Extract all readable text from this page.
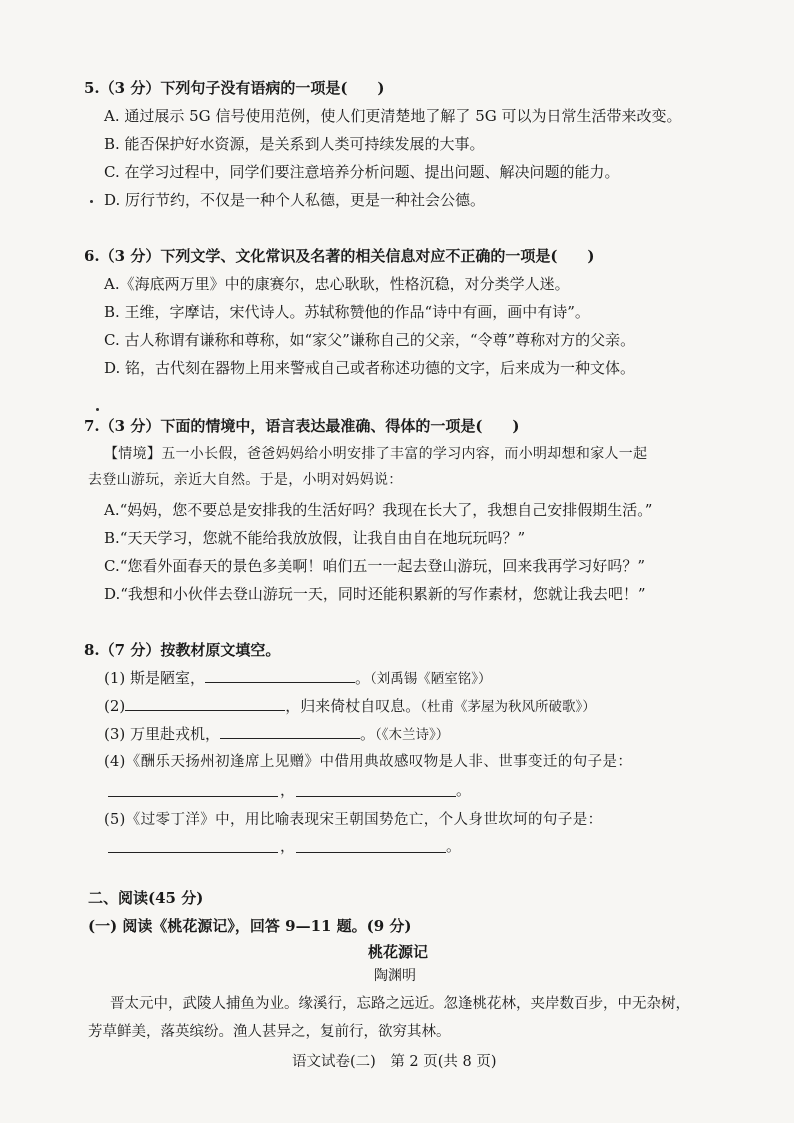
5.（3 分）下列句子没有语病的一项是(　　)
A. 通过展示 5G 信号使用范例，使人们更清楚地了解了 5G 可以为日常生活带来改变。
B. 能否保护好水资源，是关系到人类可持续发展的大事。
C. 在学习过程中，同学们要注意培养分析问题、提出问题、解决问题的能力。
D. 厉行节约，不仅是一种个人私德，更是一种社会公德。
6.（3 分）下列文学、文化常识及名著的相关信息对应不正确的一项是(　　)
A.《海底两万里》中的康赛尔，忠心耿耿，性格沉稳，对分类学人迷。
B. 王维，字摩诘，宋代诗人。苏轼称赞他的作品“诗中有画，画中有诗”。
C. 古人称谓有谦称和尊称，如“家父”谦称自己的父亲，“令尊”尊称对方的父亲。
D. 铭，古代刻在器物上用来警戒自己或者称述功德的文字，后来成为一种文体。
7.（3 分）下面的情境中，语言表达最准确、得体的一项是(　　)
【情境】五一小长假，爸爸妈妈给小明安排了丰富的学习内容，而小明却想和家人一起
去登山游玩，亲近大自然。于是，小明对妈妈说：
A.“妈妈，您不要总是安排我的生活好吗？我现在长大了，我想自己安排假期生活。”
B.“天天学习，您就不能给我放放假，让我自由自在地玩玩吗？”
C.“您看外面春天的景色多美啊！咱们五一一起去登山游玩，回来我再学习好吗？”
D.“我想和小伙伴去登山游玩一天，同时还能积累新的写作素材，您就让我去吧！”
8.（7 分）按教材原文填空。
(1) 斯是陋室，	。（刘禹锡《陋室铭》）
(2)	，归来倚杖自叹息。（杜甫《茅屋为秋风所破歌》）
(3) 万里赴戎机，	。（《木兰诗》）
(4)《酬乐天扬州初逢席上见赠》中借用典故感叹物是人非、世事变迁的句子是：
，	。
(5)《过零丁洋》中，用比喻表现宋王朝国势危亡，个人身世坎坷的句子是：
，	。
二、阅读(45 分)
(一) 阅读《桃花源记》，回答 9—11 题。(9 分)
桃花源记
陶渊明
晋太元中，武陵人捕鱼为业。缘溪行，忘路之远近。忽逢桃花林，夹岸数百步，中无杂树，
芳草鲜美，落英缤纷。渔人甚异之，复前行，欲穷其林。
语文试卷(二)　第 2 页(共 8 页)
